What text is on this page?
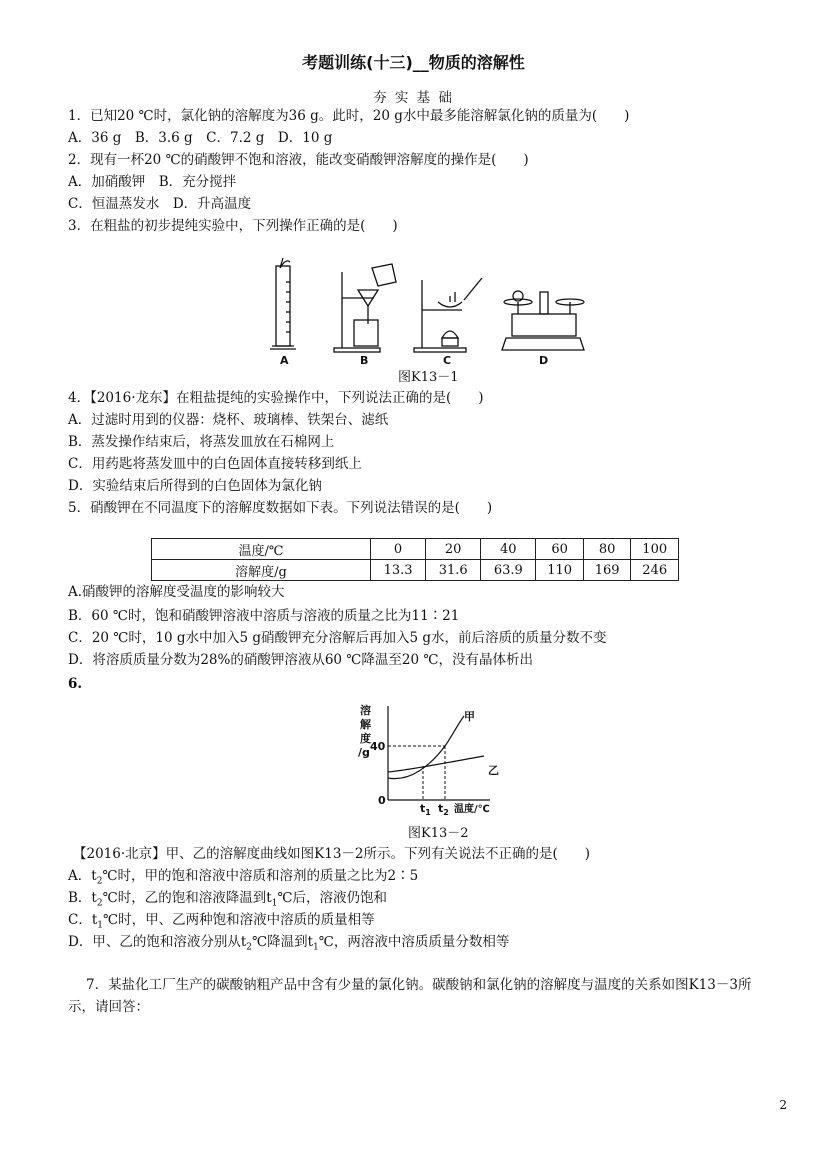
考题训练(十三)__物质的溶解性
夯 实 基 础
1．已知20 ℃时，氯化钠的溶解度为36 g。此时，20 g水中最多能溶解氯化钠的质量为(　　)
A．36 g　B．3.6 g　C．7.2 g　D．10 g
2．现有一杯20 ℃的硝酸钾不饱和溶液，能改变硝酸钾溶解度的操作是(　　)
A．加硝酸钾　B．充分搅拌
C．恒温蒸发水　D．升高温度
3．在粗盐的初步提纯实验中，下列操作正确的是(　　)
A	B	C	D
图K13－1
4．【2016·龙东】在粗盐提纯的实验操作中，下列说法正确的是(　　)
A．过滤时用到的仪器：烧杯、玻璃棒、铁架台、滤纸
B．蒸发操作结束后，将蒸发皿放在石棉网上
C．用药匙将蒸发皿中的白色固体直接转移到纸上
D．实验结束后所得到的白色固体为氯化钠
5．硝酸钾在不同温度下的溶解度数据如下表。下列说法错误的是(　　)
温度/℃	0	20	40	60	80	100
溶解度/g	13.3	31.6	63.9	110	169	246
A.硝酸钾的溶解度受温度的影响较大
B．60 ℃时，饱和硝酸钾溶液中溶质与溶液的质量之比为11∶21
C．20 ℃时，10 g水中加入5 g硝酸钾充分溶解后再加入5 g水，前后溶质的质量分数不变
D．将溶质质量分数为28%的硝酸钾溶液从60 ℃降温至20 ℃，没有晶体析出
6.
溶
解
度
/g 40
0
$t_1$ $t_2$ 温度/℃
甲
乙
图K13－2
【2016·北京】甲、乙的溶解度曲线如图K13－2所示。下列有关说法不正确的是(　　)
A．$t_2℃$时，甲的饱和溶液中溶质和溶剂的质量之比为2∶5
B．$t_2℃$时，乙的饱和溶液降温到$t_1℃$后，溶液仍饱和
C．$t_1℃$时，甲、乙两种饱和溶液中溶质的质量相等
D．甲、乙的饱和溶液分别从$t_2℃$降温到$t_1℃$，两溶液中溶质质量分数相等
7．某盐化工厂生产的碳酸钠粗产品中含有少量的氯化钠。碳酸钠和氯化钠的溶解度与温度的关系如图K13－3所
示，请回答：
2
